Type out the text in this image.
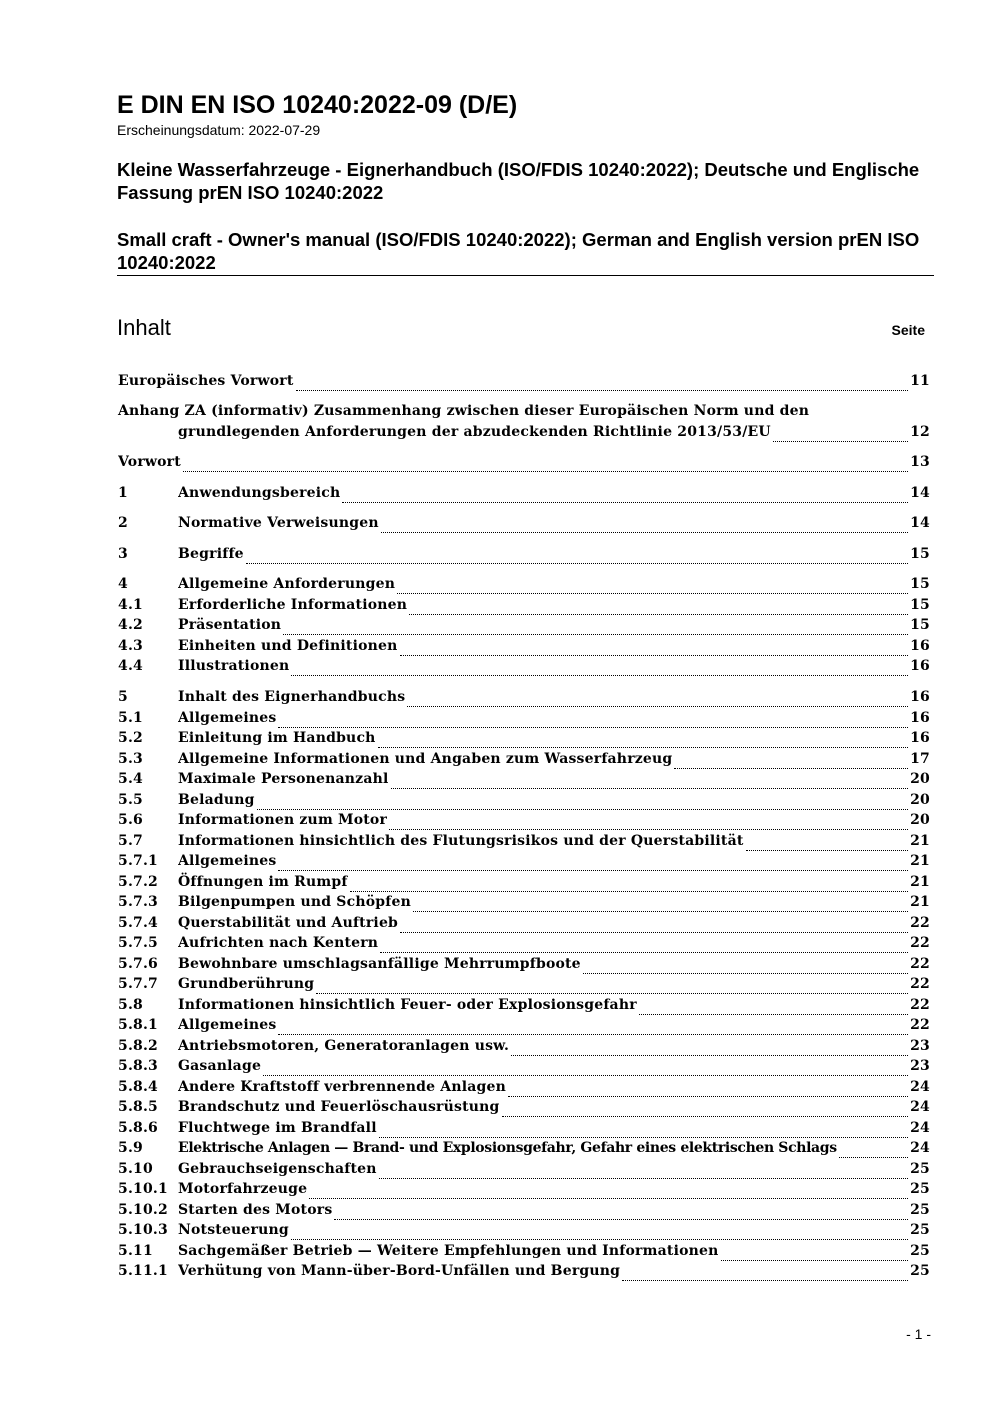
E DIN EN ISO 10240:2022-09 (D/E)
Erscheinungsdatum: 2022-07-29
Kleine Wasserfahrzeuge - Eignerhandbuch (ISO/FDIS 10240:2022); Deutsche und Englische Fassung prEN ISO 10240:2022
Small craft - Owner's manual (ISO/FDIS 10240:2022); German and English version prEN ISO 10240:2022
Inhalt	Seite
Europäisches Vorwort	11
Anhang ZA (informativ) Zusammenhang zwischen dieser Europäischen Norm und den
grundlegenden Anforderungen der abzudeckenden Richtlinie 2013/53/EU	12
Vorwort	13
1	Anwendungsbereich	14
2	Normative Verweisungen	14
3	Begriffe	15
4	Allgemeine Anforderungen	15
4.1	Erforderliche Informationen	15
4.2	Präsentation	15
4.3	Einheiten und Definitionen	16
4.4	Illustrationen	16
5	Inhalt des Eignerhandbuchs	16
5.1	Allgemeines	16
5.2	Einleitung im Handbuch	16
5.3	Allgemeine Informationen und Angaben zum Wasserfahrzeug	17
5.4	Maximale Personenanzahl	20
5.5	Beladung	20
5.6	Informationen zum Motor	20
5.7	Informationen hinsichtlich des Flutungsrisikos und der Querstabilität	21
5.7.1	Allgemeines	21
5.7.2	Öffnungen im Rumpf	21
5.7.3	Bilgenpumpen und Schöpfen	21
5.7.4	Querstabilität und Auftrieb	22
5.7.5	Aufrichten nach Kentern	22
5.7.6	Bewohnbare umschlagsanfällige Mehrrumpfboote	22
5.7.7	Grundberührung	22
5.8	Informationen hinsichtlich Feuer- oder Explosionsgefahr	22
5.8.1	Allgemeines	22
5.8.2	Antriebsmotoren, Generatoranlagen usw.	23
5.8.3	Gasanlage	23
5.8.4	Andere Kraftstoff verbrennende Anlagen	24
5.8.5	Brandschutz und Feuerlöschausrüstung	24
5.8.6	Fluchtwege im Brandfall	24
5.9	Elektrische Anlagen — Brand- und Explosionsgefahr, Gefahr eines elektrischen Schlags	24
5.10	Gebrauchseigenschaften	25
5.10.1 Motorfahrzeuge	25
5.10.2 Starten des Motors	25
5.10.3 Notsteuerung	25
5.11	Sachgemäßer Betrieb — Weitere Empfehlungen und Informationen	25
5.11.1 Verhütung von Mann-über-Bord-Unfällen und Bergung	25
- 1 -
